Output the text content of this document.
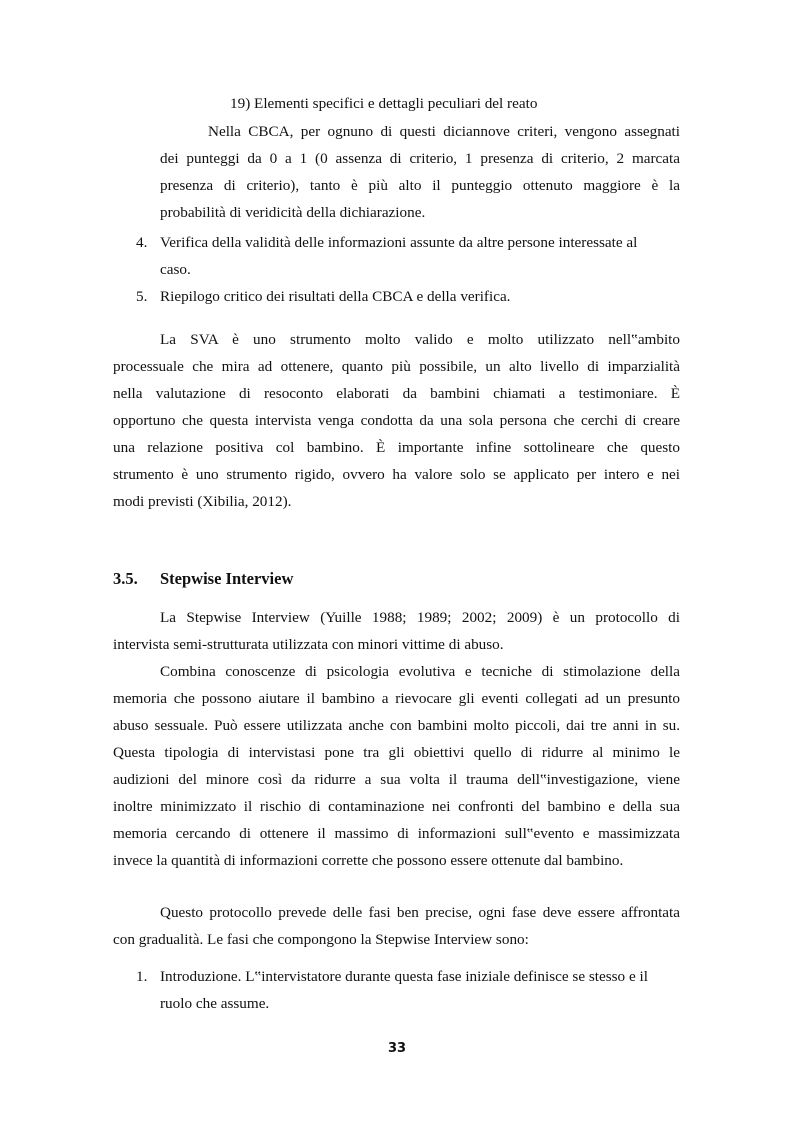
19) Elementi specifici e dettagli peculiari del reato
Nella CBCA, per ognuno di questi diciannove criteri, vengono assegnati
dei punteggi da 0 a 1 (0 assenza di criterio, 1 presenza di criterio, 2 marcata
presenza di criterio), tanto è più alto il punteggio ottenuto maggiore è la
probabilità di veridicità della dichiarazione.
4. Verifica della validità delle informazioni assunte da altre persone interessate al
caso.
5. Riepilogo critico dei risultati della CBCA e della verifica.
La SVA è uno strumento molto valido e molto utilizzato nell‟ambito
processuale che mira ad ottenere, quanto più possibile, un alto livello di imparzialità
nella valutazione di resoconto elaborati da bambini chiamati a testimoniare. È
opportuno che questa intervista venga condotta da una sola persona che cerchi di creare
una relazione positiva col bambino. È importante infine sottolineare che questo
strumento è uno strumento rigido, ovvero ha valore solo se applicato per intero e nei
modi previsti (Xibilia, 2012).
3.5. Stepwise Interview
La Stepwise Interview (Yuille 1988; 1989; 2002; 2009) è un protocollo di
intervista semi-strutturata utilizzata con minori vittime di abuso.
Combina conoscenze di psicologia evolutiva e tecniche di stimolazione della
memoria che possono aiutare il bambino a rievocare gli eventi collegati ad un presunto
abuso sessuale. Può essere utilizzata anche con bambini molto piccoli, dai tre anni in su.
Questa tipologia di intervistasi pone tra gli obiettivi quello di ridurre al minimo le
audizioni del minore così da ridurre a sua volta il trauma dell‟investigazione, viene
inoltre minimizzato il rischio di contaminazione nei confronti del bambino e della sua
memoria cercando di ottenere il massimo di informazioni sull‟evento e massimizzata
invece la quantità di informazioni corrette che possono essere ottenute dal bambino.
Questo protocollo prevede delle fasi ben precise, ogni fase deve essere affrontata
con gradualità. Le fasi che compongono la Stepwise Interview sono:
1. Introduzione. L‟intervistatore durante questa fase iniziale definisce se stesso e il
ruolo che assume.
33
